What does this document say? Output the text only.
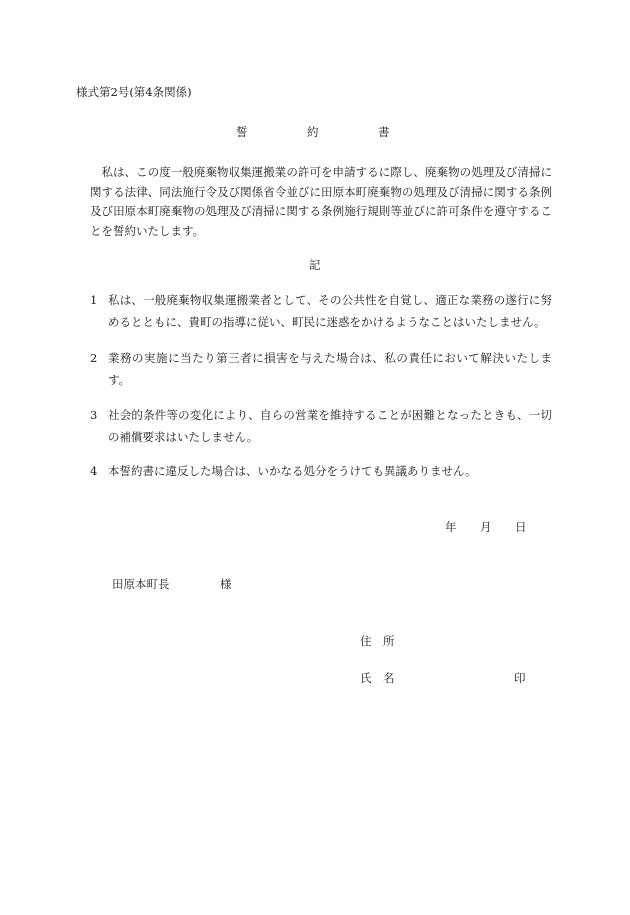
様式第2号(第4条関係)
誓	約	書
私は、この度一般廃棄物収集運搬業の許可を申請するに際し、廃棄物の処理及び清掃に関する法律、同法施行令及び関係省令並びに田原本町廃棄物の処理及び清掃に関する条例及び田原本町廃棄物の処理及び清掃に関する条例施行規則等並びに許可条件を遵守することを誓約いたします。
記
1 私は、一般廃棄物収集運搬業者として、その公共性を自覚し、適正な業務の遂行に努めるとともに、貴町の指導に従い、町民に迷惑をかけるようなことはいたしません。
2 業務の実施に当たり第三者に損害を与えた場合は、私の責任において解決いたします。
3 社会的条件等の変化により、自らの営業を維持することが困難となったときも、一切の補償要求はいたしません。
4 本誓約書に違反した場合は、いかなる処分をうけても異議ありません。
年 月 日
田原本町長	様
住　所
氏　名	印
